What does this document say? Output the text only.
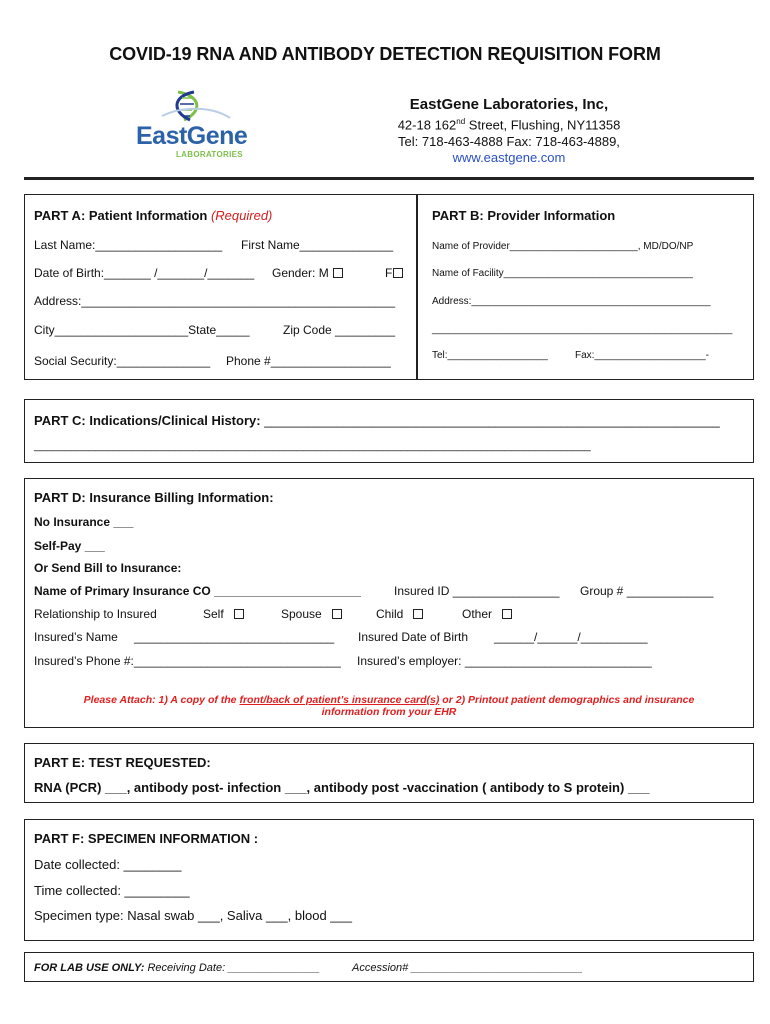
COVID-19 RNA AND ANTIBODY DETECTION REQUISITION FORM
EastGene
LABORATORIES
EastGene Laboratories, Inc,
42-18 162nd Street, Flushing, NY11358
Tel: 718-463-4888 Fax: 718-463-4889,
www.eastgene.com
PART A: Patient Information (Required)
Last Name:___________________ First Name______________
Date of Birth:_______ /_______/_______ Gender: M	F
Address:_______________________________________________
City____________________State_____	Zip Code _________
Social Security:______________ Phone #__________________
PART B: Provider Information
Name of Provider_______________________, MD/DO/NP
Name of Facility__________________________________
Address:___________________________________________
______________________________________________________
Tel:__________________	Fax:____________________-
PART C: Indications/Clinical History: _______________________________________________________________
___________________________________________________________________________________________
PART D: Insurance Billing Information:
No Insurance ___
Self-Pay ___
Or Send Bill to Insurance:
Name of Primary Insurance CO ______________________	Insured ID ________________ Group # _____________
Relationship to Insured	Self	Spouse	Child	Other
Insured’s Name ______________________________ Insured Date of Birth ______/______/__________
Insured’s Phone #:_______________________________ Insured’s employer: ____________________________
Please Attach: 1) A copy of the front/back of patient’s insurance card(s) or 2) Printout patient demographics and insurance
information from your EHR
PART E: TEST REQUESTED:
RNA (PCR) ___, antibody post- infection ___, antibody post -vaccination ( antibody to S protein) ___
PART F: SPECIMEN INFORMATION :
Date collected: ________
Time collected: _________
Specimen type: Nasal swab ___, Saliva ___, blood ___
FOR LAB USE ONLY: Receiving Date: _______________	Accession# ____________________________
